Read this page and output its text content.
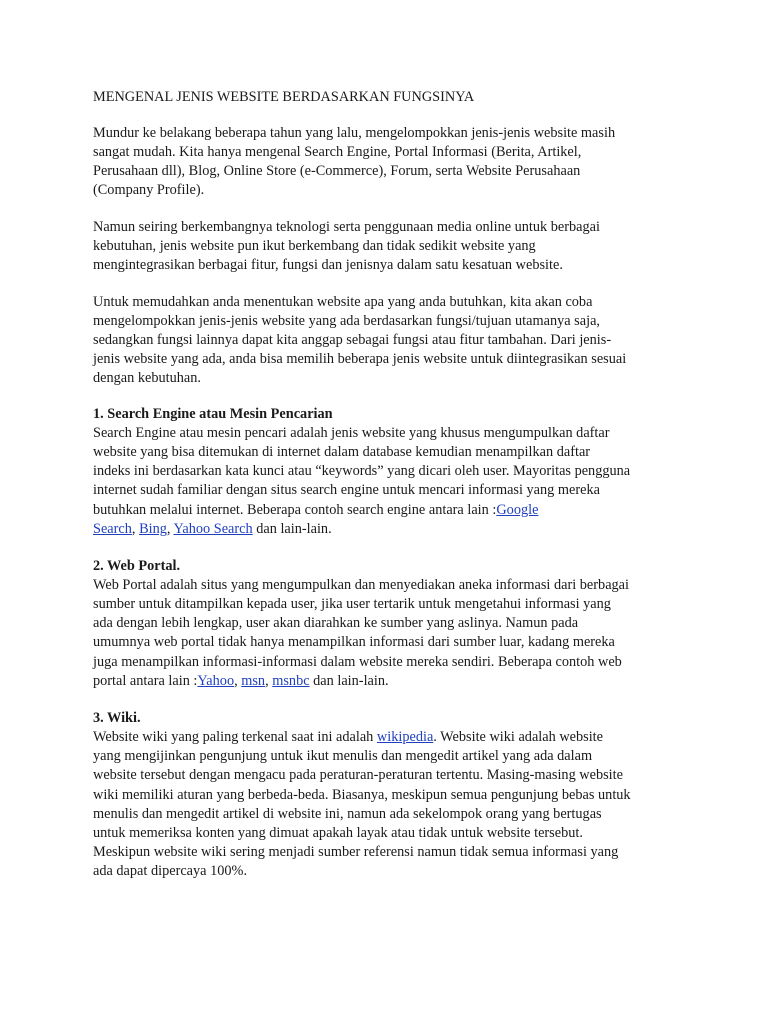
MENGENAL JENIS WEBSITE BERDASARKAN FUNGSINYA

Mundur ke belakang beberapa tahun yang lalu, mengelompokkan jenis-jenis website masih

sangat mudah. Kita hanya mengenal Search Engine, Portal Informasi (Berita, Artikel,

Perusahaan dll), Blog, Online Store (e-Commerce), Forum, serta Website Perusahaan

(Company Profile).

Namun seiring berkembangnya teknologi serta penggunaan media online untuk berbagai

kebutuhan, jenis website pun ikut berkembang dan tidak sedikit website yang

mengintegrasikan berbagai fitur, fungsi dan jenisnya dalam satu kesatuan website.

Untuk memudahkan anda menentukan website apa yang anda butuhkan, kita akan coba

mengelompokkan jenis-jenis website yang ada berdasarkan fungsi/tujuan utamanya saja,

sedangkan fungsi lainnya dapat kita anggap sebagai fungsi atau fitur tambahan. Dari jenis-

jenis website yang ada, anda bisa memilih beberapa jenis website untuk diintegrasikan sesuai

dengan kebutuhan.

1. Search Engine atau Mesin Pencarian

Search Engine atau mesin pencari adalah jenis website yang khusus mengumpulkan daftar

website yang bisa ditemukan di internet dalam database kemudian menampilkan daftar

indeks ini berdasarkan kata kunci atau “keywords” yang dicari oleh user. Mayoritas pengguna

internet sudah familiar dengan situs search engine untuk mencari informasi yang mereka

butuhkan melalui internet. Beberapa contoh search engine antara lain :Google

Search, Bing, Yahoo Search dan lain-lain.

2. Web Portal.

Web Portal adalah situs yang mengumpulkan dan menyediakan aneka informasi dari berbagai

sumber untuk ditampilkan kepada user, jika user tertarik untuk mengetahui informasi yang

ada dengan lebih lengkap, user akan diarahkan ke sumber yang aslinya. Namun pada

umumnya web portal tidak hanya menampilkan informasi dari sumber luar, kadang mereka

juga menampilkan informasi-informasi dalam website mereka sendiri. Beberapa contoh web

portal antara lain :Yahoo, msn, msnbc dan lain-lain.

3. Wiki.

Website wiki yang paling terkenal saat ini adalah wikipedia. Website wiki adalah website

yang mengijinkan pengunjung untuk ikut menulis dan mengedit artikel yang ada dalam

website tersebut dengan mengacu pada peraturan-peraturan tertentu. Masing-masing website

wiki memiliki aturan yang berbeda-beda. Biasanya, meskipun semua pengunjung bebas untuk

menulis dan mengedit artikel di website ini, namun ada sekelompok orang yang bertugas

untuk memeriksa konten yang dimuat apakah layak atau tidak untuk website tersebut.

Meskipun website wiki sering menjadi sumber referensi namun tidak semua informasi yang

ada dapat dipercaya 100%.
